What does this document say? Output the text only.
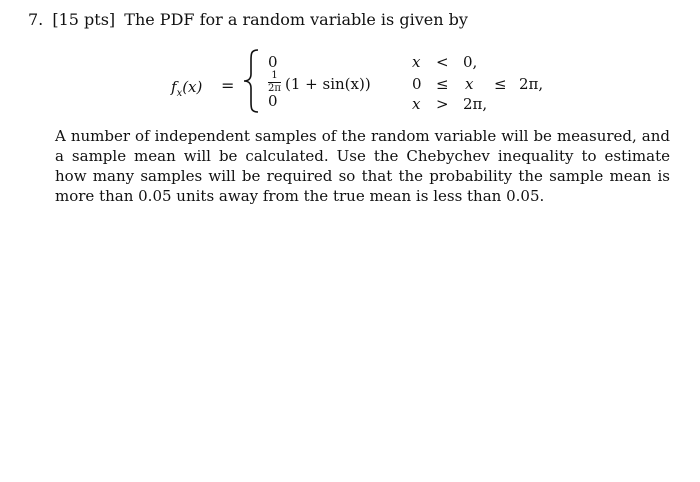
7. [15 pts] The PDF for a random variable is given by
$f_x(x)$ =
0	x < 0,
$\frac{1}{2\pi} (1 + \sin(x))$	0 ≤ x ≤ 2π,
0	x > 2π,
A number of independent samples of the random variable will be measured, and a sample mean will be calculated. Use the Chebychev inequality to estimate how many samples will be required so that the probability the sample mean is more than 0.05 units away from the true mean is less than 0.05.
